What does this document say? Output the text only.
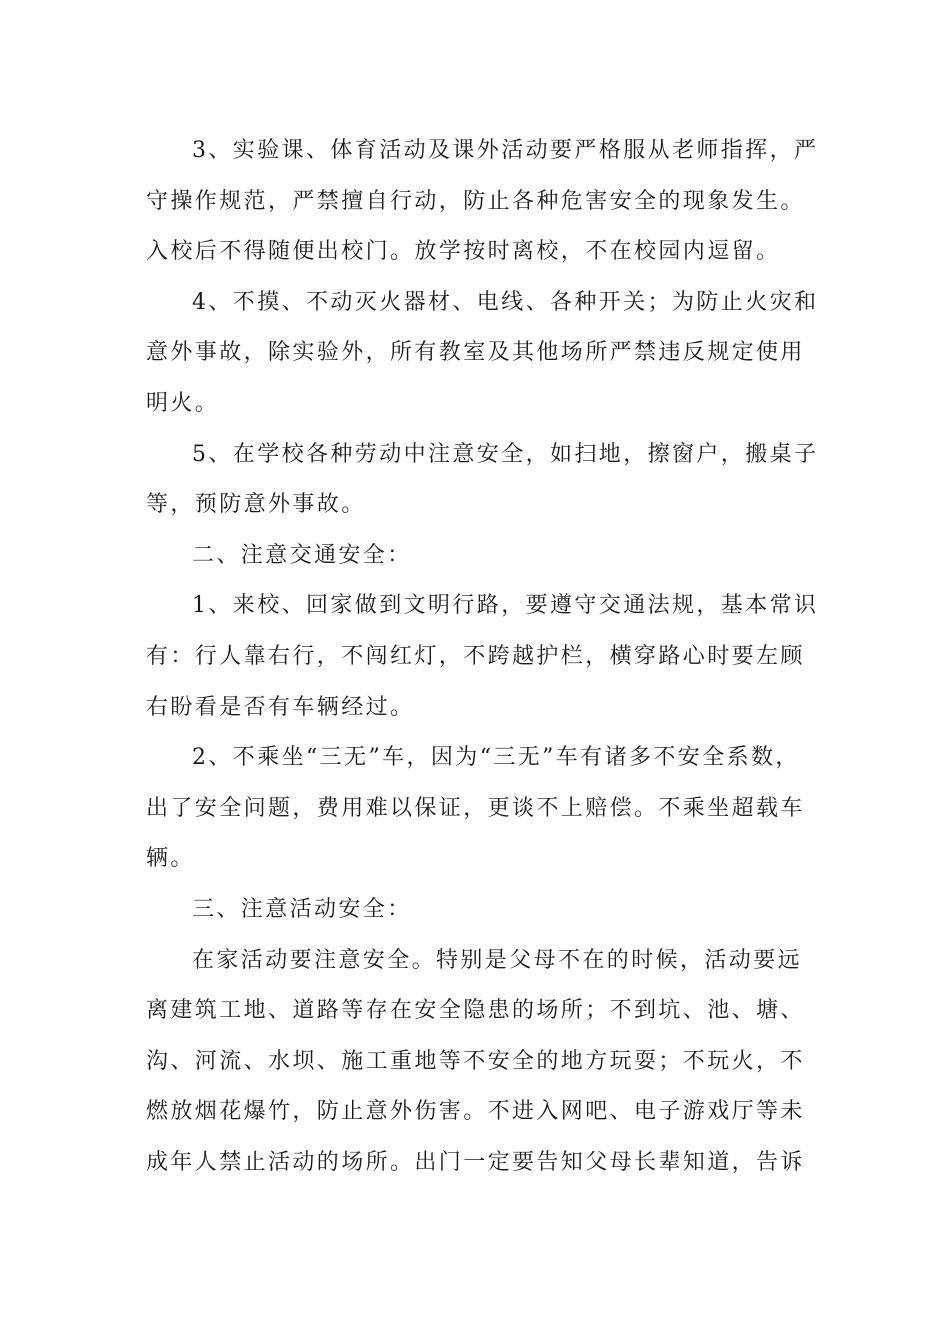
3、实验课、体育活动及课外活动要严格服从老师指挥，严
守操作规范，严禁擅自行动，防止各种危害安全的现象发生。
入校后不得随便出校门。放学按时离校，不在校园内逗留。
4、不摸、不动灭火器材、电线、各种开关；为防止火灾和
意外事故，除实验外，所有教室及其他场所严禁违反规定使用
明火。
5、在学校各种劳动中注意安全，如扫地，擦窗户，搬桌子
等，预防意外事故。
二、注意交通安全：
1、来校、回家做到文明行路，要遵守交通法规，基本常识
有：行人靠右行，不闯红灯，不跨越护栏，横穿路心时要左顾
右盼看是否有车辆经过。
2、不乘坐“三无”车，因为“三无”车有诸多不安全系数，
出了安全问题，费用难以保证，更谈不上赔偿。不乘坐超载车
辆。
三、注意活动安全：
在家活动要注意安全。特别是父母不在的时候，活动要远
离建筑工地、道路等存在安全隐患的场所；不到坑、池、塘、
沟、河流、水坝、施工重地等不安全的地方玩耍；不玩火，不
燃放烟花爆竹，防止意外伤害。不进入网吧、电子游戏厅等未
成年人禁止活动的场所。出门一定要告知父母长辈知道，告诉
